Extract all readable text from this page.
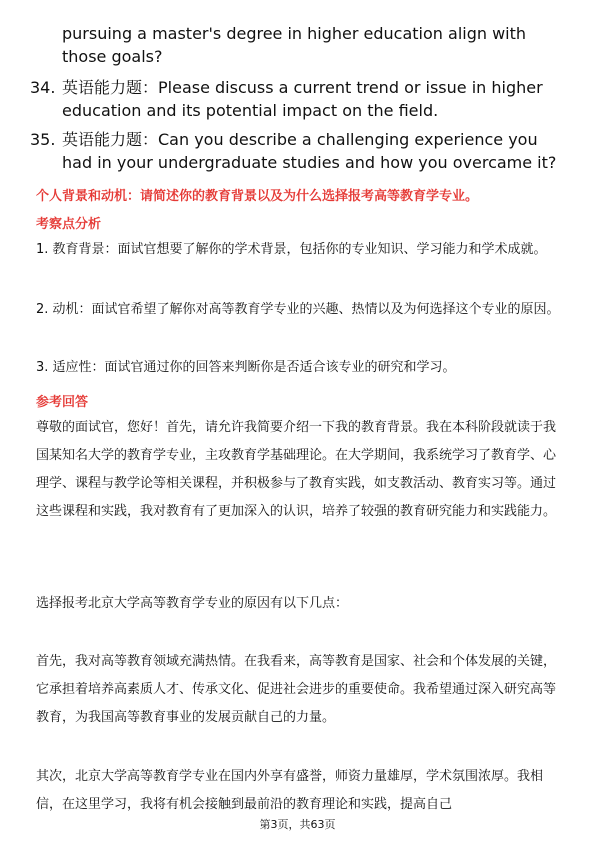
pursuing a master's degree in higher education align with those goals?
34. 英语能力题：Please discuss a current trend or issue in higher education and its potential impact on the field.
35. 英语能力题：Can you describe a challenging experience you had in your undergraduate studies and how you overcame it?
个人背景和动机：请简述你的教育背景以及为什么选择报考高等教育学专业。
考察点分析
1. 教育背景：面试官想要了解你的学术背景，包括你的专业知识、学习能力和学术成就。
2. 动机：面试官希望了解你对高等教育学专业的兴趣、热情以及为何选择这个专业的原因。
3. 适应性：面试官通过你的回答来判断你是否适合该专业的研究和学习。
参考回答
尊敬的面试官，您好！首先，请允许我简要介绍一下我的教育背景。我在本科阶段就读于我国某知名大学的教育学专业，主攻教育学基础理论。在大学期间，我系统学习了教育学、心理学、课程与教学论等相关课程，并积极参与了教育实践，如支教活动、教育实习等。通过这些课程和实践，我对教育有了更加深入的认识，培养了较强的教育研究能力和实践能力。
选择报考北京大学高等教育学专业的原因有以下几点：
首先，我对高等教育领域充满热情。在我看来，高等教育是国家、社会和个体发展的关键，它承担着培养高素质人才、传承文化、促进社会进步的重要使命。我希望通过深入研究高等教育，为我国高等教育事业的发展贡献自己的力量。
其次，北京大学高等教育学专业在国内外享有盛誉，师资力量雄厚，学术氛围浓厚。我相信，在这里学习，我将有机会接触到最前沿的教育理论和实践，提高自己
第3页，共63页
